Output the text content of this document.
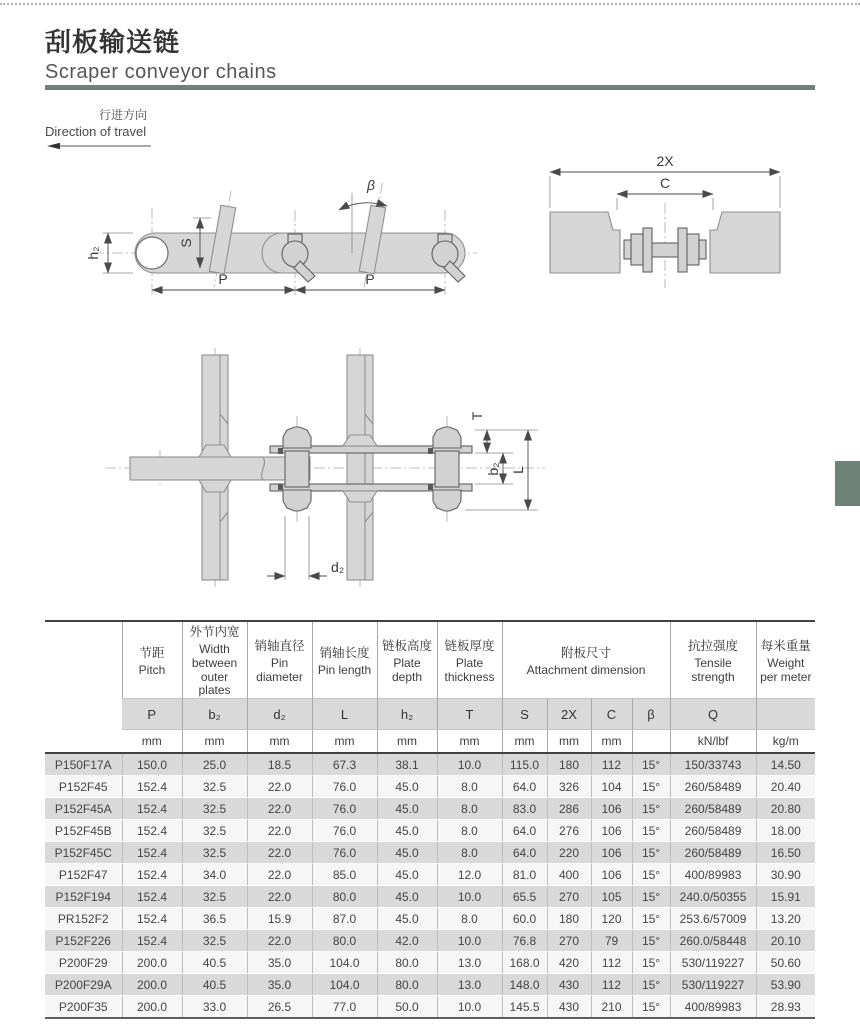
刮板输送链
Scraper conveyor chains
行进方向
Direction of travel
h₂
S
β
P	P
2X
C
T
b₂ L
d₂

节距
Pitch

外节内宽
Width between outer plates

销轴直径
Pin diameter

销轴长度
Pin length

链板高度
Plate depth

链板厚度
Plate thickness

附板尺寸
Attachment dimension

抗拉强度
Tensile strength

每米重量
Weight per meter

	P	b₂	d₂	L	h₂	T	S	2X	C	β	Q	
	mm	mm	mm	mm	mm	mm	mm	mm	mm		kN/lbf	kg/m
P150F17A	150.0	25.0	18.5	67.3	38.1	10.0	115.0	180	112	15°	150/33743	14.50
P152F45	152.4	32.5	22.0	76.0	45.0	8.0	64.0	326	104	15°	260/58489	20.40
P152F45A	152.4	32.5	22.0	76.0	45.0	8.0	83.0	286	106	15°	260/58489	20.80
P152F45B	152.4	32.5	22.0	76.0	45.0	8.0	64.0	276	106	15°	260/58489	18.00
P152F45C	152.4	32.5	22.0	76.0	45.0	8.0	64.0	220	106	15°	260/58489	16.50
P152F47	152.4	34.0	22.0	85.0	45.0	12.0	81.0	400	106	15°	400/89983	30.90
P152F194	152.4	32.5	22.0	80.0	45.0	10.0	65.5	270	105	15°	240.0/50355	15.91
PR152F2	152.4	36.5	15.9	87.0	45.0	8.0	60.0	180	120	15°	253.6/57009	13.20
P152F226	152.4	32.5	22.0	80.0	42.0	10.0	76.8	270	79	15°	260.0/58448	20.10
P200F29	200.0	40.5	35.0	104.0	80.0	13.0	168.0	420	112	15°	530/119227	50.60
P200F29A	200.0	40.5	35.0	104.0	80.0	13.0	148.0	430	112	15°	530/119227	53.90
P200F35	200.0	33.0	26.5	77.0	50.0	10.0	145.5	430	210	15°	400/89983	28.93
